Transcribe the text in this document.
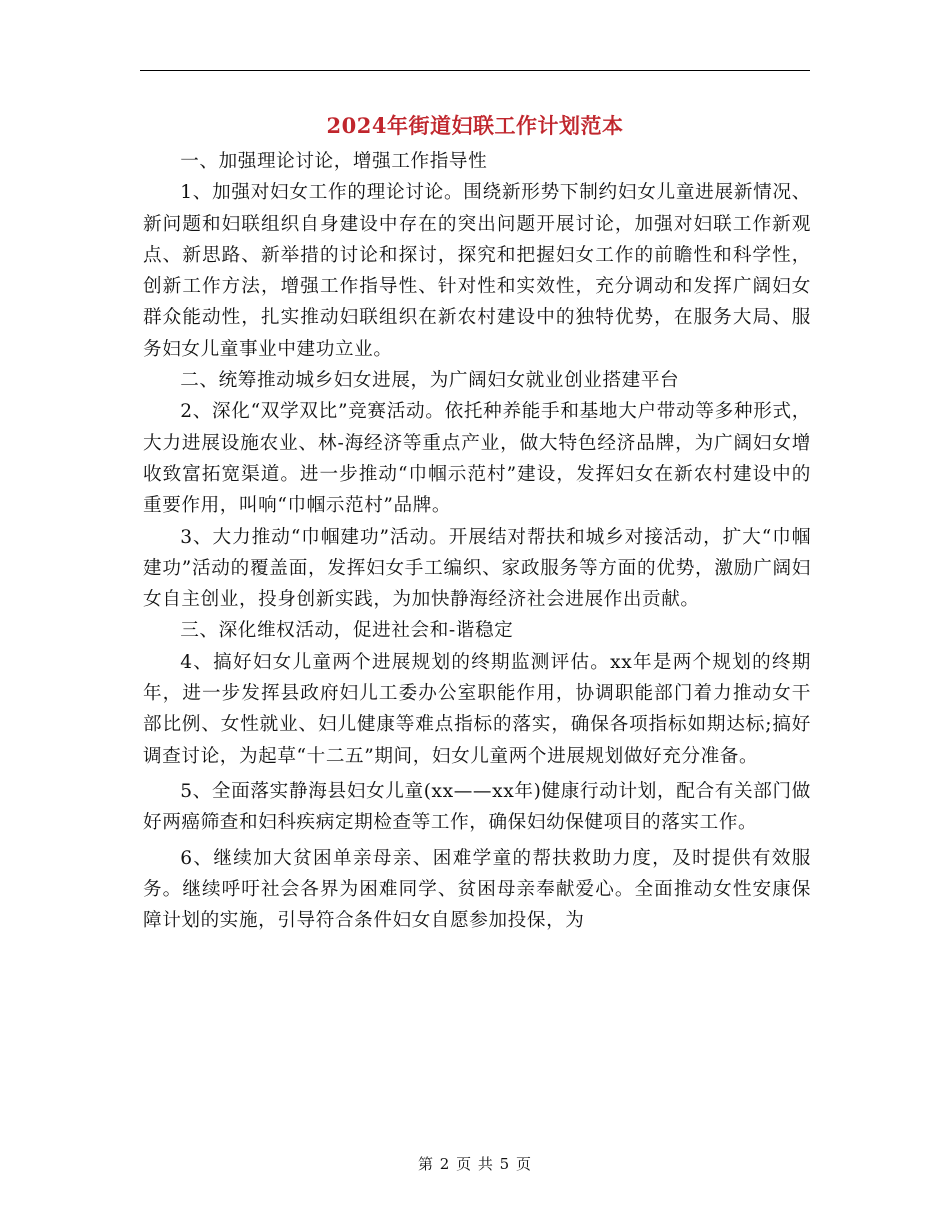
2024年街道妇联工作计划范本

一、加强理论讨论，增强工作指导性

1、加强对妇女工作的理论讨论。围绕新形势下制约妇女儿童进展新情况、新问题和妇联组织自身建设中存在的突出问题开展讨论，加强对妇联工作新观点、新思路、新举措的讨论和探讨，探究和把握妇女工作的前瞻性和科学性，创新工作方法，增强工作指导性、针对性和实效性，充分调动和发挥广阔妇女群众能动性，扎实推动妇联组织在新农村建设中的独特优势，在服务大局、服务妇女儿童事业中建功立业。

二、统筹推动城乡妇女进展，为广阔妇女就业创业搭建平台

2、深化“双学双比”竞赛活动。依托种养能手和基地大户带动等多种形式，大力进展设施农业、林-海经济等重点产业，做大特色经济品牌，为广阔妇女增收致富拓宽渠道。进一步推动“巾帼示范村”建设，发挥妇女在新农村建设中的重要作用，叫响“巾帼示范村”品牌。

3、大力推动“巾帼建功”活动。开展结对帮扶和城乡对接活动，扩大“巾帼建功”活动的覆盖面，发挥妇女手工编织、家政服务等方面的优势，激励广阔妇女自主创业，投身创新实践，为加快静海经济社会进展作出贡献。

三、深化维权活动，促进社会和-谐稳定

4、搞好妇女儿童两个进展规划的终期监测评估。xx年是两个规划的终期年，进一步发挥县政府妇儿工委办公室职能作用，协调职能部门着力推动女干部比例、女性就业、妇儿健康等难点指标的落实，确保各项指标如期达标;搞好调查讨论，为起草“十二五”期间，妇女儿童两个进展规划做好充分准备。

5、全面落实静海县妇女儿童(xx——xx年)健康行动计划，配合有关部门做好两癌筛查和妇科疾病定期检查等工作，确保妇幼保健项目的落实工作。

6、继续加大贫困单亲母亲、困难学童的帮扶救助力度，及时提供有效服务。继续呼吁社会各界为困难同学、贫困母亲奉献爱心。全面推动女性安康保障计划的实施，引导符合条件妇女自愿参加投保，为

第 2 页 共 5 页
